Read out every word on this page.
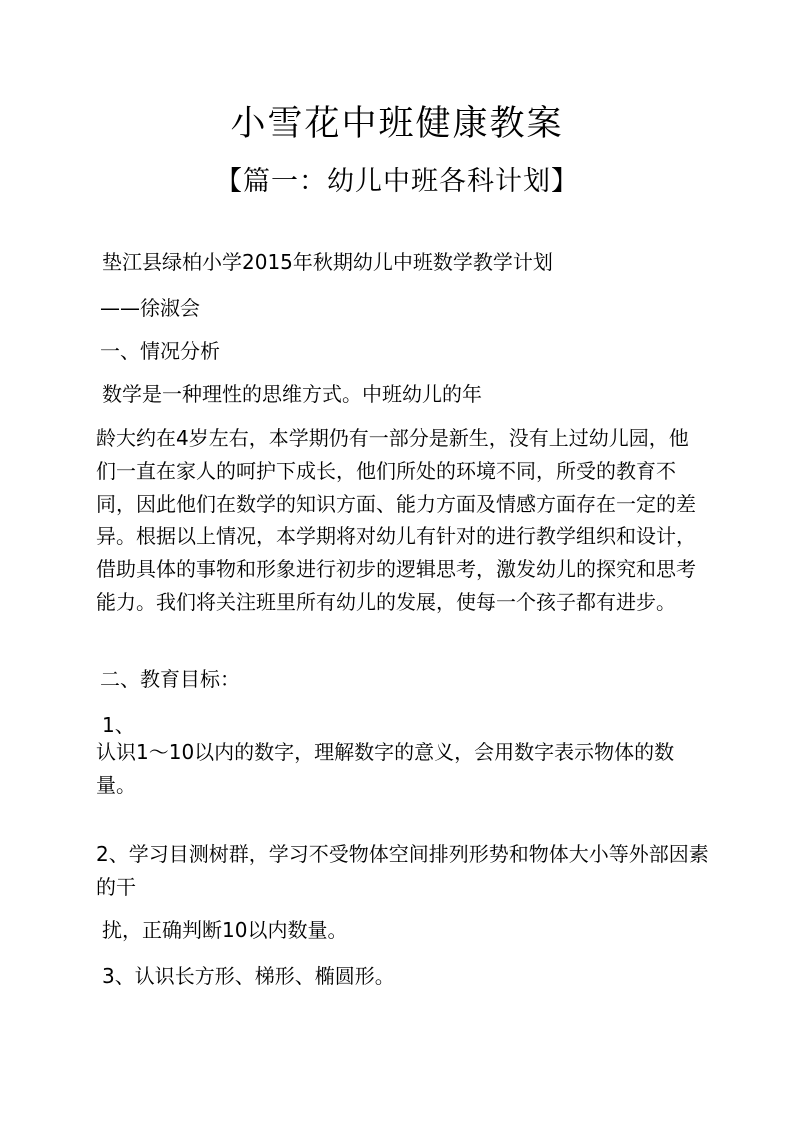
小雪花中班健康教案
【篇一：幼儿中班各科计划】
垫江县绿柏小学2015年秋期幼儿中班数学教学计划
——徐淑会
一、情况分析
数学是一种理性的思维方式。中班幼儿的年
龄大约在4岁左右，本学期仍有一部分是新生，没有上过幼儿园，他们一直在家人的呵护下成长，他们所处的环境不同，所受的教育不同，因此他们在数学的知识方面、能力方面及情感方面存在一定的差异。根据以上情况，本学期将对幼儿有针对的进行教学组织和设计，借助具体的事物和形象进行初步的逻辑思考，激发幼儿的探究和思考能力。我们将关注班里所有幼儿的发展，使每一个孩子都有进步。
二、教育目标：
1、
认识1～10以内的数字，理解数字的意义，会用数字表示物体的数量。
2、学习目测树群，学习不受物体空间排列形势和物体大小等外部因素的干
扰，正确判断10以内数量。
3、认识长方形、梯形、椭圆形。
